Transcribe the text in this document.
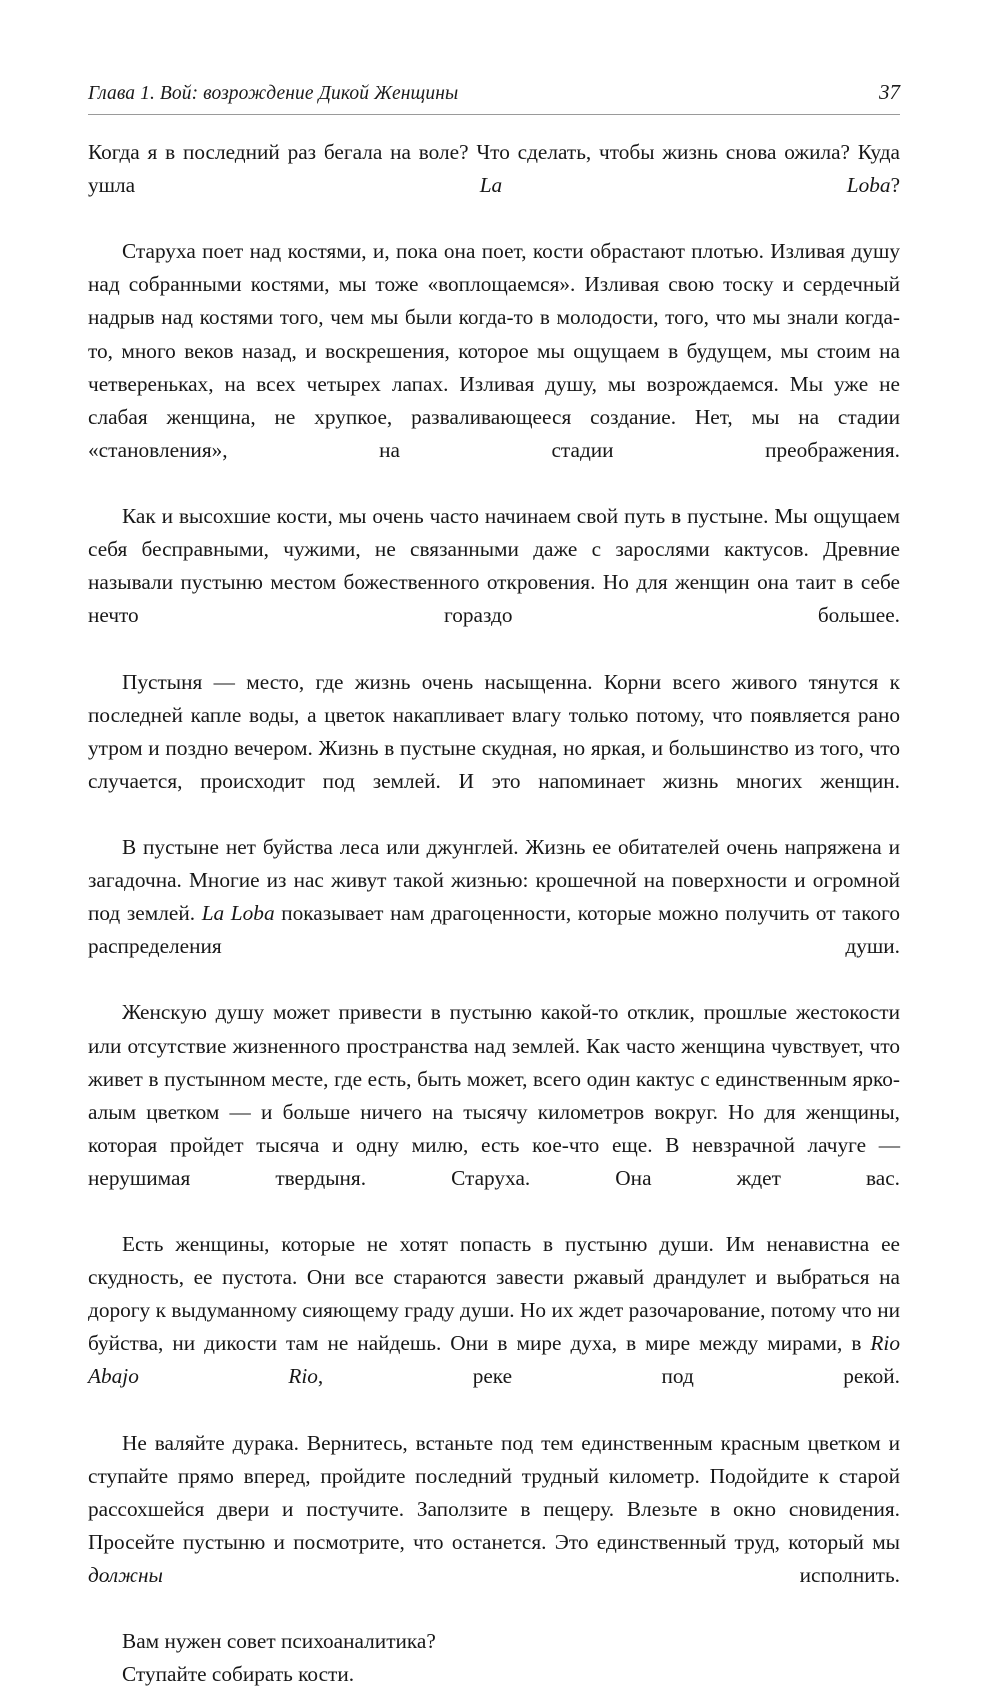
Глава 1. Вой: возрождение Дикой Женщины	37

Когда я в последний раз бегала на воле? Что сделать, чтобы жизнь снова ожила? Куда ушла La Loba?

Старуха поет над костями, и, пока она поет, кости обрастают плотью. Изливая душу над собранными костями, мы тоже «воплощаемся». Изливая свою тоску и сердечный надрыв над костями того, чем мы были когда-то в молодости, того, что мы знали когда-то, много веков назад, и воскрешения, которое мы ощущаем в будущем, мы стоим на четвереньках, на всех четырех лапах. Изливая душу, мы возрождаемся. Мы уже не слабая женщина, не хрупкое, разваливающееся создание. Нет, мы на стадии «становления», на стадии преображения.

Как и высохшие кости, мы очень часто начинаем свой путь в пустыне. Мы ощущаем себя бесправными, чужими, не связанными даже с зарослями кактусов. Древние называли пустыню местом божественного откровения. Но для женщин она таит в себе нечто гораздо большее.

Пустыня — место, где жизнь очень насыщенна. Корни всего живого тянутся к последней капле воды, а цветок накапливает влагу только потому, что появляется рано утром и поздно вечером. Жизнь в пустыне скудная, но яркая, и большинство из того, что случается, происходит под землей. И это напоминает жизнь многих женщин.

В пустыне нет буйства леса или джунглей. Жизнь ее обитателей очень напряжена и загадочна. Многие из нас живут такой жизнью: крошечной на поверхности и огромной под землей. La Loba показывает нам драгоценности, которые можно получить от такого распределения души.

Женскую душу может привести в пустыню какой-то отклик, прошлые жестокости или отсутствие жизненного пространства над землей. Как часто женщина чувствует, что живет в пустынном месте, где есть, быть может, всего один кактус с единственным ярко-алым цветком — и больше ничего на тысячу километров вокруг. Но для женщины, которая пройдет тысяча и одну милю, есть кое-что еще. В невзрачной лачуге — нерушимая твердыня. Старуха. Она ждет вас.

Есть женщины, которые не хотят попасть в пустыню души. Им ненавистна ее скудность, ее пустота. Они все стараются завести ржавый драндулет и выбраться на дорогу к выдуманному сияющему граду души. Но их ждет разочарование, потому что ни буйства, ни дикости там не найдешь. Они в мире духа, в мире между мирами, в Rio Abajo Rio, реке под рекой.

Не валяйте дурака. Вернитесь, встаньте под тем единственным красным цветком и ступайте прямо вперед, пройдите последний трудный километр. Подойдите к старой рассохшейся двери и постучите. Заползите в пещеру. Влезьте в окно сновидения. Просейте пустыню и посмотрите, что останется. Это единственный труд, который мы должны исполнить.

Вам нужен совет психоаналитика?

Ступайте собирать кости.
